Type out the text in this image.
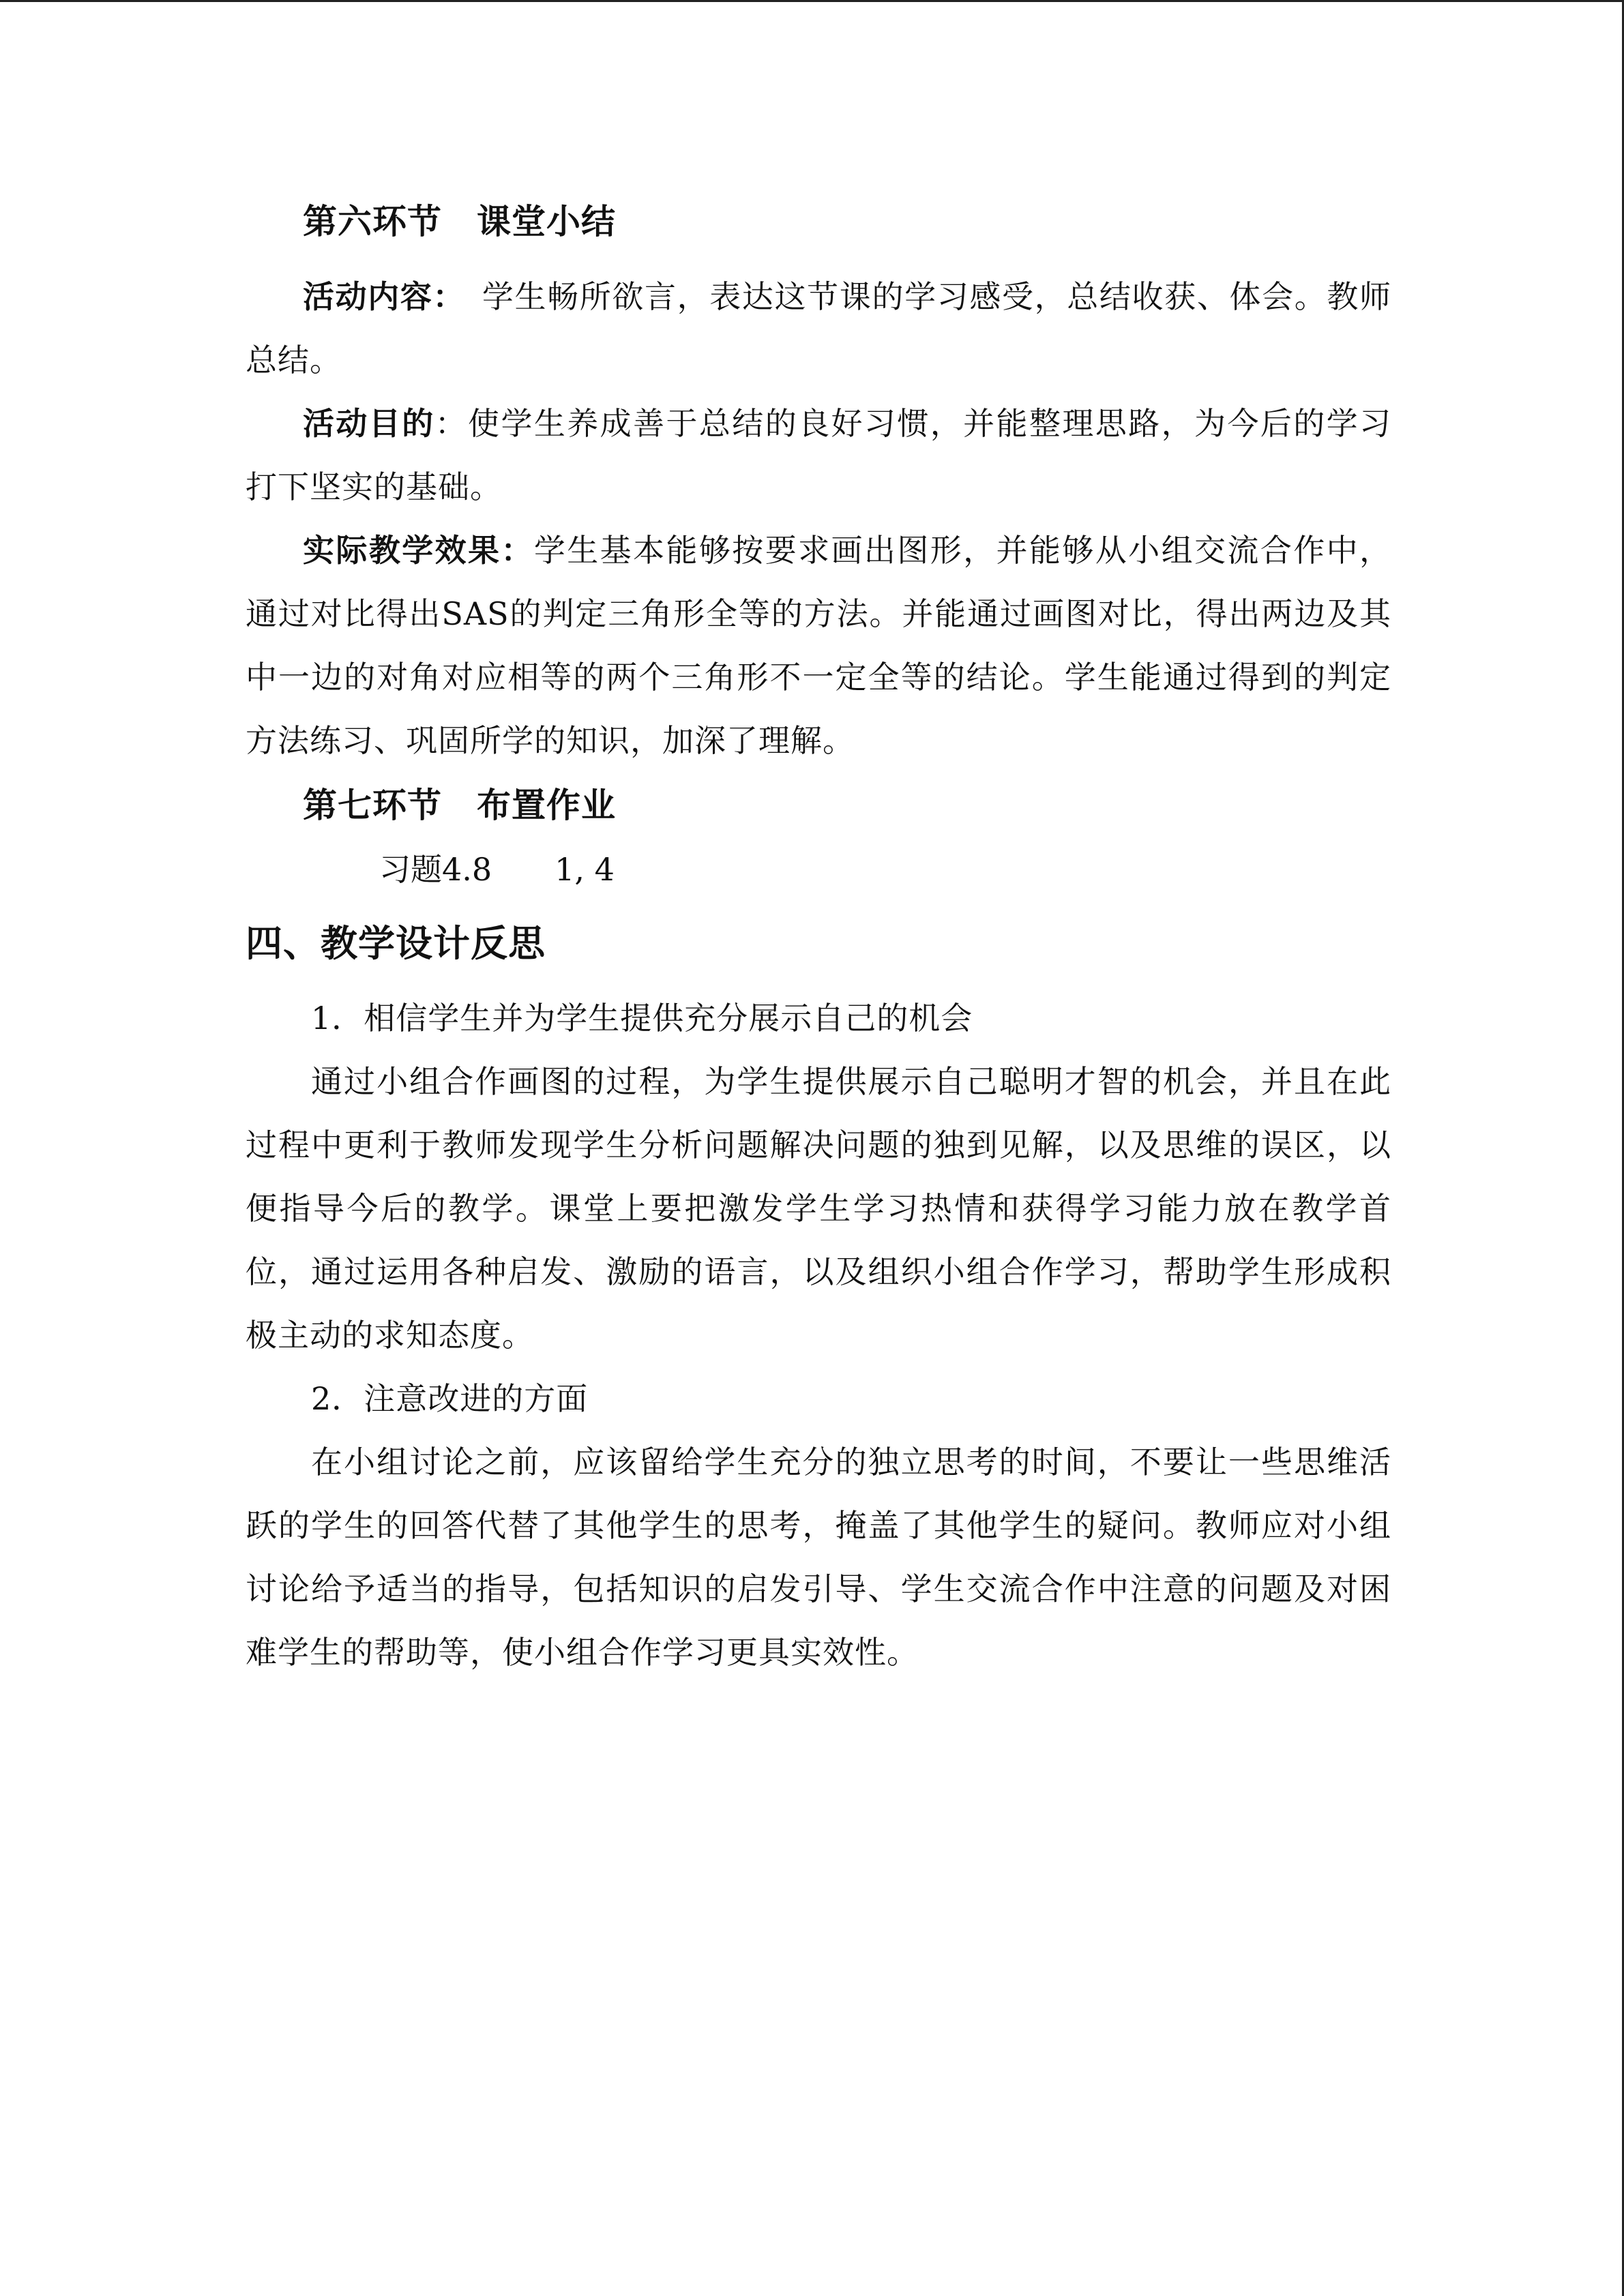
第六环节　课堂小结

活动内容：　学生畅所欲言，表达这节课的学习感受，总结收获、体会。教师总结。

活动目的：使学生养成善于总结的良好习惯，并能整理思路，为今后的学习打下坚实的基础。

实际教学效果：学生基本能够按要求画出图形，并能够从小组交流合作中，通过对比得出SAS的判定三角形全等的方法。并能通过画图对比，得出两边及其中一边的对角对应相等的两个三角形不一定全等的结论。学生能通过得到的判定方法练习、巩固所学的知识，加深了理解。

第七环节　布置作业

习题4.8　　1, 4

四、教学设计反思

1．相信学生并为学生提供充分展示自己的机会

通过小组合作画图的过程，为学生提供展示自己聪明才智的机会，并且在此过程中更利于教师发现学生分析问题解决问题的独到见解，以及思维的误区，以便指导今后的教学。课堂上要把激发学生学习热情和获得学习能力放在教学首位，通过运用各种启发、激励的语言，以及组织小组合作学习，帮助学生形成积极主动的求知态度。

2．注意改进的方面

在小组讨论之前，应该留给学生充分的独立思考的时间，不要让一些思维活跃的学生的回答代替了其他学生的思考，掩盖了其他学生的疑问。教师应对小组讨论给予适当的指导，包括知识的启发引导、学生交流合作中注意的问题及对困难学生的帮助等，使小组合作学习更具实效性。
